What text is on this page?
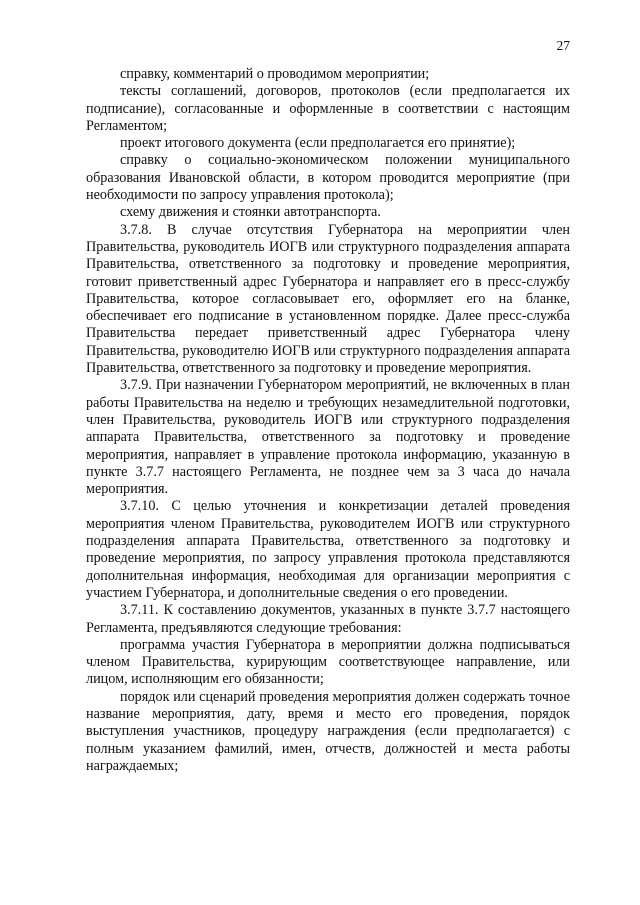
27

справку, комментарий о проводимом мероприятии;

тексты соглашений, договоров, протоколов (если предполагается их подписание), согласованные и оформленные в соответствии с настоящим Регламентом;

проект итогового документа (если предполагается его принятие);

справку о социально-экономическом положении муниципального образования Ивановской области, в котором проводится мероприятие (при необходимости по запросу управления протокола);

схему движения и стоянки автотранспорта.

3.7.8. В случае отсутствия Губернатора на мероприятии член Правительства, руководитель ИОГВ или структурного подразделения аппарата Правительства, ответственного за подготовку и проведение мероприятия, готовит приветственный адрес Губернатора и направляет его в пресс-службу Правительства, которое согласовывает его, оформляет его на бланке, обеспечивает его подписание в установленном порядке. Далее пресс-служба Правительства передает приветственный адрес Губернатора члену Правительства, руководителю ИОГВ или структурного подразделения аппарата Правительства, ответственного за подготовку и проведение мероприятия.

3.7.9. При назначении Губернатором мероприятий, не включенных в план работы Правительства на неделю и требующих незамедлительной подготовки, член Правительства, руководитель ИОГВ или структурного подразделения аппарата Правительства, ответственного за подготовку и проведение мероприятия, направляет в управление протокола информацию, указанную в пункте 3.7.7 настоящего Регламента, не позднее чем за 3 часа до начала мероприятия.

3.7.10. С целью уточнения и конкретизации деталей проведения мероприятия членом Правительства, руководителем ИОГВ или структурного подразделения аппарата Правительства, ответственного за подготовку и проведение мероприятия, по запросу управления протокола представляются дополнительная информация, необходимая для организации мероприятия с участием Губернатора, и дополнительные сведения о его проведении.

3.7.11. К составлению документов, указанных в пункте 3.7.7 настоящего Регламента, предъявляются следующие требования:

программа участия Губернатора в мероприятии должна подписываться членом Правительства, курирующим соответствующее направление, или лицом, исполняющим его обязанности;

порядок или сценарий проведения мероприятия должен содержать точное название мероприятия, дату, время и место его проведения, порядок выступления участников, процедуру награждения (если предполагается) с полным указанием фамилий, имен, отчеств, должностей и места работы награждаемых;
